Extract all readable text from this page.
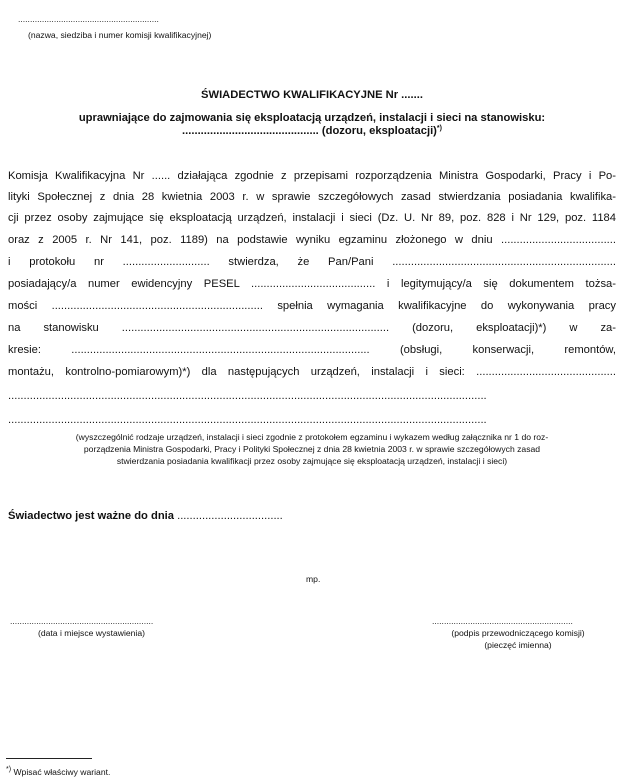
...........................................................
(nazwa, siedziba i numer komisji kwalifikacyjnej)
ŚWIADECTWO KWALIFIKACYJNE Nr .......
uprawniające do zajmowania się eksploatacją urządzeń, instalacji i sieci na stanowisku:
............................................ (dozoru, eksploatacji)*)
Komisja Kwalifikacyjna Nr ...... działająca zgodnie z przepisami rozporządzenia Ministra Gospodarki, Pracy i Po-
lityki Społecznej z dnia 28 kwietnia 2003 r. w sprawie szczegółowych zasad stwierdzania posiadania kwalifika-
cji przez osoby zajmujące się eksploatacją urządzeń, instalacji i sieci (Dz. U. Nr 89, poz. 828 i Nr 129, poz. 1184
oraz z 2005 r. Nr 141, poz. 1189) na podstawie wyniku egzaminu złożonego w dniu .....................................
i protokołu nr ............................ stwierdza, że Pan/Pani ........................................................................
posiadający/a numer ewidencyjny PESEL ........................................ i legitymujący/a się dokumentem tożsa-
mości .................................................................... spełnia wymagania kwalifikacyjne do wykonywania pracy
na stanowisku ...................................................................................... (dozoru, eksploatacji)*) w za-
kresie: ................................................................................................ (obsługi, konserwacji, remontów,
montażu, kontrolno-pomiarowym)*) dla następujących urządzeń, instalacji i sieci: .............................................
..........................................................................................................................................................
..........................................................................................................................................................
(wyszczególnić rodzaje urządzeń, instalacji i sieci zgodnie z protokołem egzaminu i wykazem według załącznika nr 1 do roz-
porządzenia Ministra Gospodarki, Pracy i Polityki Społecznej z dnia 28 kwietnia 2003 r. w sprawie szczegółowych zasad
stwierdzania posiadania kwalifikacji przez osoby zajmujące się eksploatacją urządzeń, instalacji i sieci)
Świadectwo jest ważne do dnia ..................................
mp.
............................................................
(data i miejsce wystawienia)
...........................................................
(podpis przewodniczącego komisji)
(pieczęć imienna)
*) Wpisać właściwy wariant.
